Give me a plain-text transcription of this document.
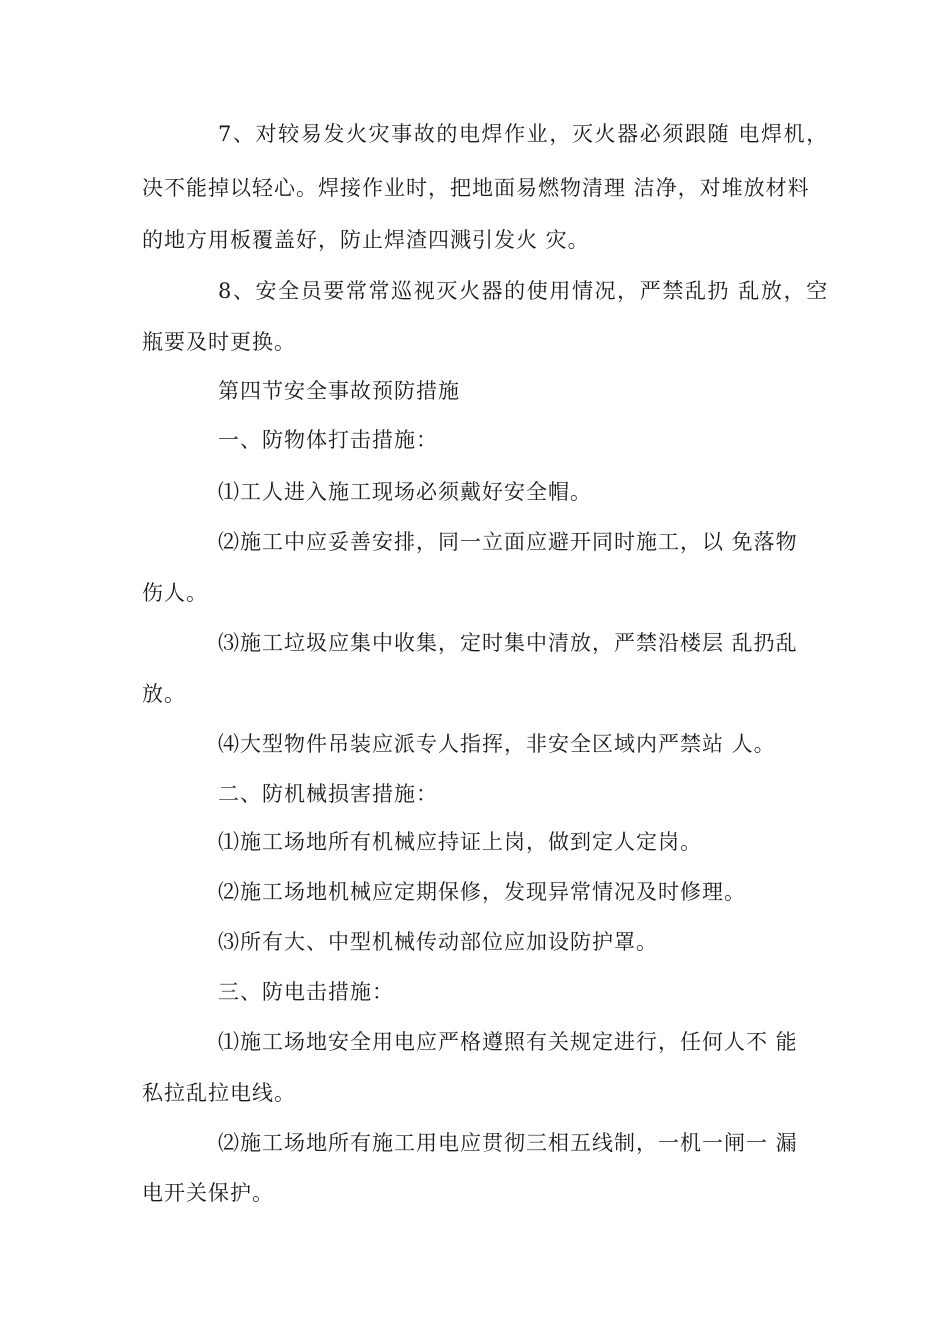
7、对较易发火灾事故的电焊作业，灭火器必须跟随 电焊机，
决不能掉以轻心。焊接作业时，把地面易燃物清理 洁净，对堆放材料
的地方用板覆盖好，防止焊渣四溅引发火 灾。
8、安全员要常常巡视灭火器的使用情况，严禁乱扔 乱放，空
瓶要及时更换。
第四节安全事故预防措施
一、防物体打击措施：
⑴工人进入施工现场必须戴好安全帽。
⑵施工中应妥善安排，同一立面应避开同时施工，以 免落物
伤人。
⑶施工垃圾应集中收集，定时集中清放，严禁沿楼层 乱扔乱
放。
⑷大型物件吊装应派专人指挥，非安全区域内严禁站 人。
二、防机械损害措施：
⑴施工场地所有机械应持证上岗，做到定人定岗。
⑵施工场地机械应定期保修，发现异常情况及时修理。
⑶所有大、中型机械传动部位应加设防护罩。
三、防电击措施：
⑴施工场地安全用电应严格遵照有关规定进行，任何人不 能
私拉乱拉电线。
⑵施工场地所有施工用电应贯彻三相五线制，一机一闸一 漏
电开关保护。
